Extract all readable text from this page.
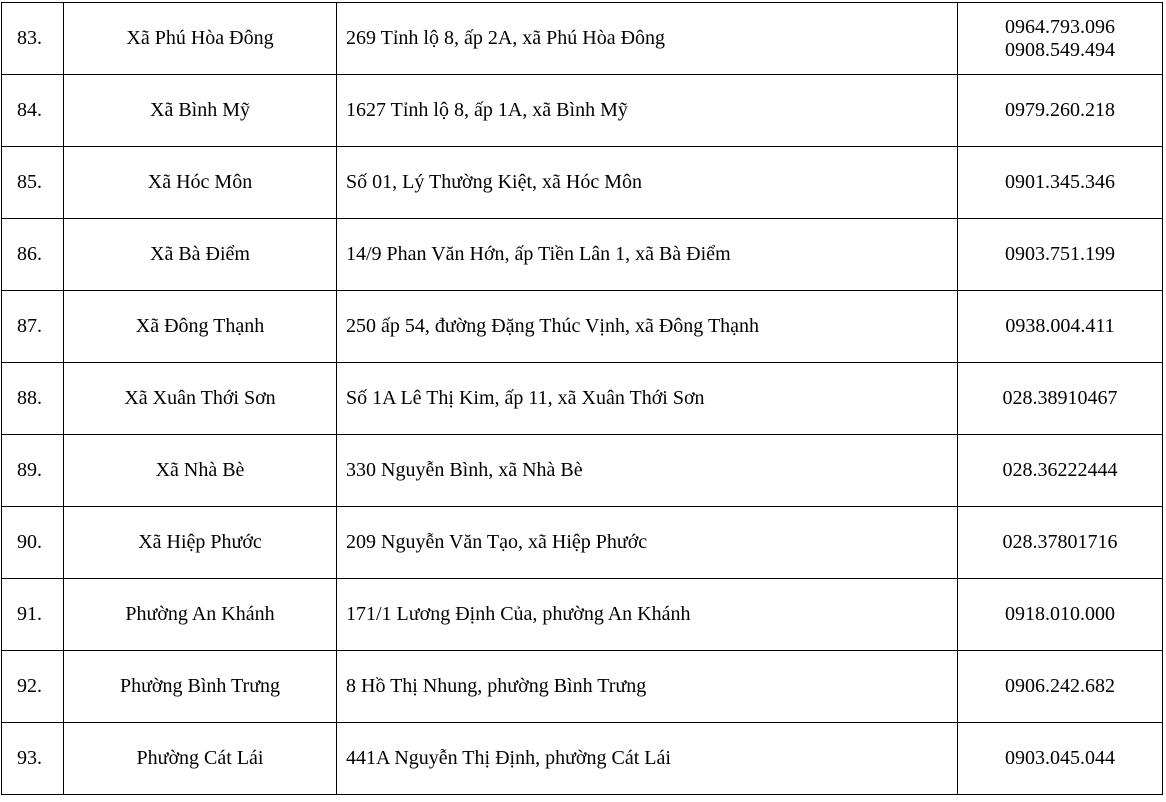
83.	Xã Phú Hòa Đông	269 Tỉnh lộ 8, ấp 2A, xã Phú Hòa Đông	0964.793.096
0908.549.494

84.	Xã Bình Mỹ	1627 Tỉnh lộ 8, ấp 1A, xã Bình Mỹ	0979.260.218

85.	Xã Hóc Môn	Số 01, Lý Thường Kiệt, xã Hóc Môn	0901.345.346

86.	Xã Bà Điểm	14/9 Phan Văn Hớn, ấp Tiền Lân 1, xã Bà Điểm	0903.751.199

87.	Xã Đông Thạnh	250 ấp 54, đường Đặng Thúc Vịnh, xã Đông Thạnh	0938.004.411

88.	Xã Xuân Thới Sơn	Số 1A Lê Thị Kim, ấp 11, xã Xuân Thới Sơn	028.38910467

89.	Xã Nhà Bè	330 Nguyễn Bình, xã Nhà Bè	028.36222444

90.	Xã Hiệp Phước	209 Nguyễn Văn Tạo, xã Hiệp Phước	028.37801716

91.	Phường An Khánh	171/1 Lương Định Của, phường An Khánh	0918.010.000

92.	Phường Bình Trưng	8 Hồ Thị Nhung, phường Bình Trưng	0906.242.682

93.	Phường Cát Lái	441A Nguyễn Thị Định, phường Cát Lái	0903.045.044
